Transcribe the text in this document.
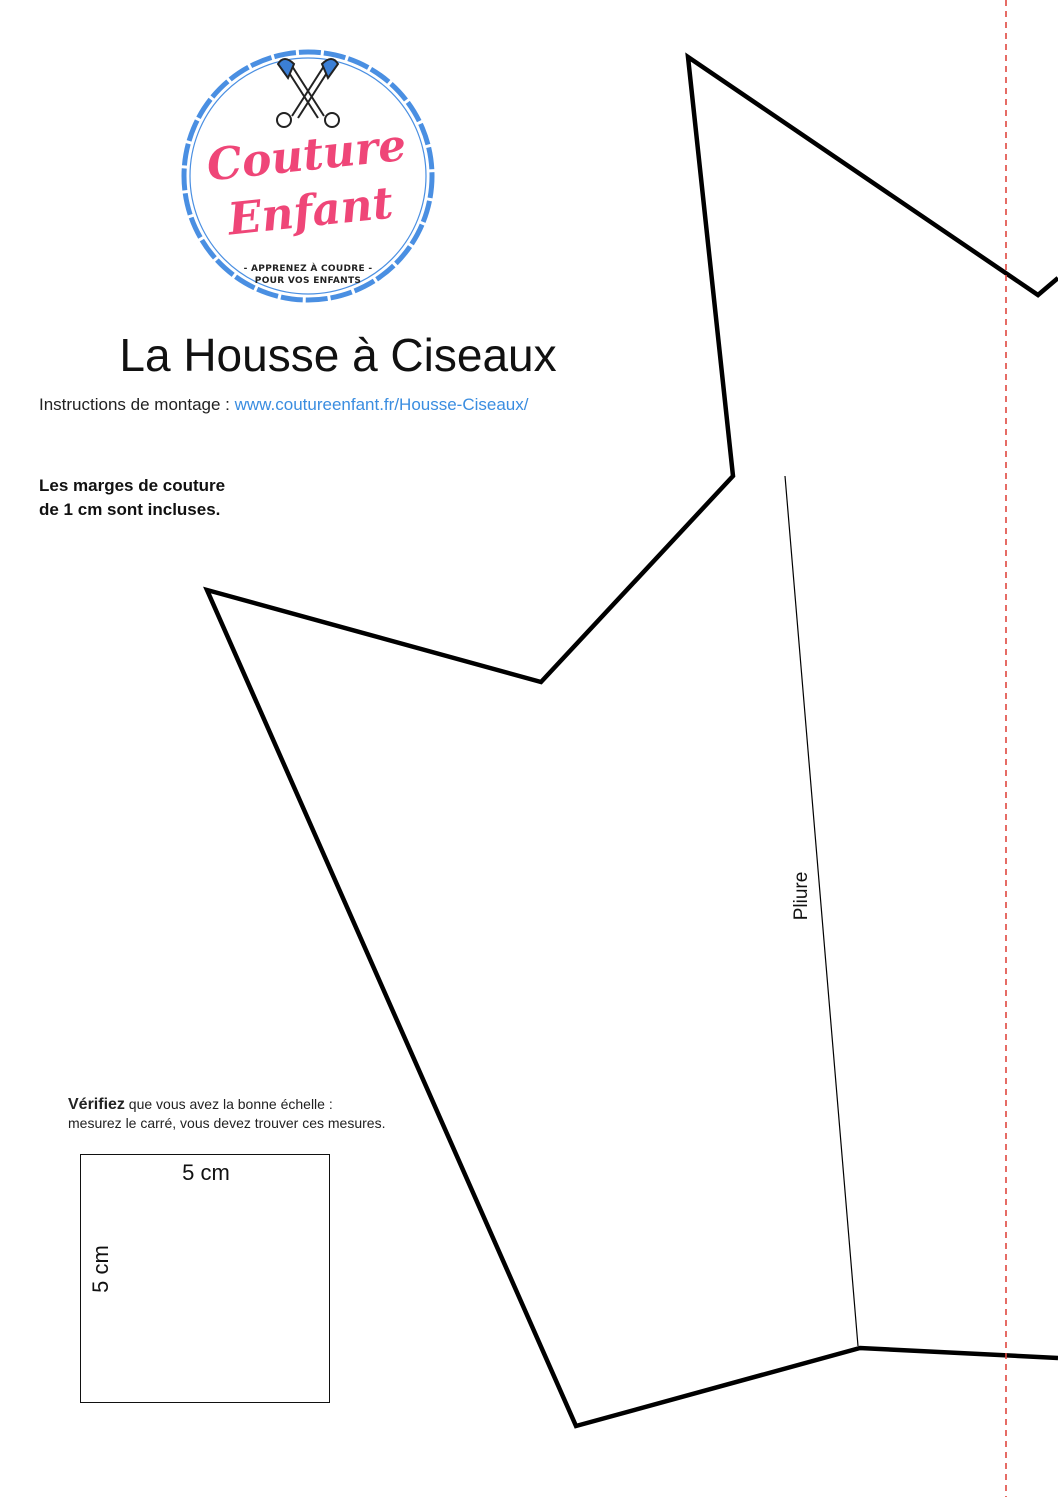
Couture
Enfant
- APPRENEZ À COUDRE -
POUR VOS ENFANTS
La Housse à Ciseaux
Instructions de montage : www.coutureenfant.fr/Housse-Ciseaux/
Les marges de couture
de 1 cm sont incluses.
Pliure
Vérifiez que vous avez la bonne échelle :
mesurez le carré, vous devez trouver ces mesures.
5 cm
5 cm
